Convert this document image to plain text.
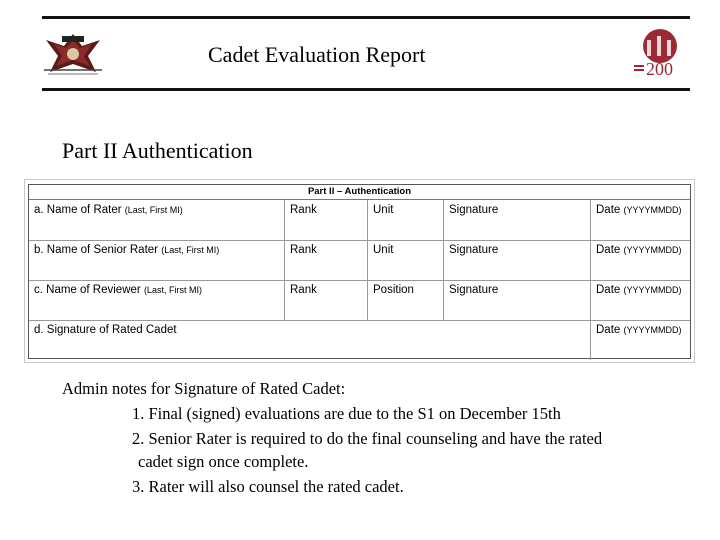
Cadet Evaluation Report
200
Part II Authentication
Part II – Authentication
a. Name of Rater (Last, First MI)	Rank	Unit	Signature	Date (YYYYMMDD)
b. Name of Senior Rater (Last, First MI)	Rank	Unit	Signature	Date (YYYYMMDD)
c. Name of Reviewer (Last, First MI)	Rank	Position	Signature	Date (YYYYMMDD)
d. Signature of Rated Cadet	Date (YYYYMMDD)
Admin notes for Signature of Rated Cadet:
1. Final (signed) evaluations are due to the S1 on December 15th
2. Senior Rater is required to do the final counseling and have the rated
cadet sign once complete.
3. Rater will also counsel the rated cadet.
